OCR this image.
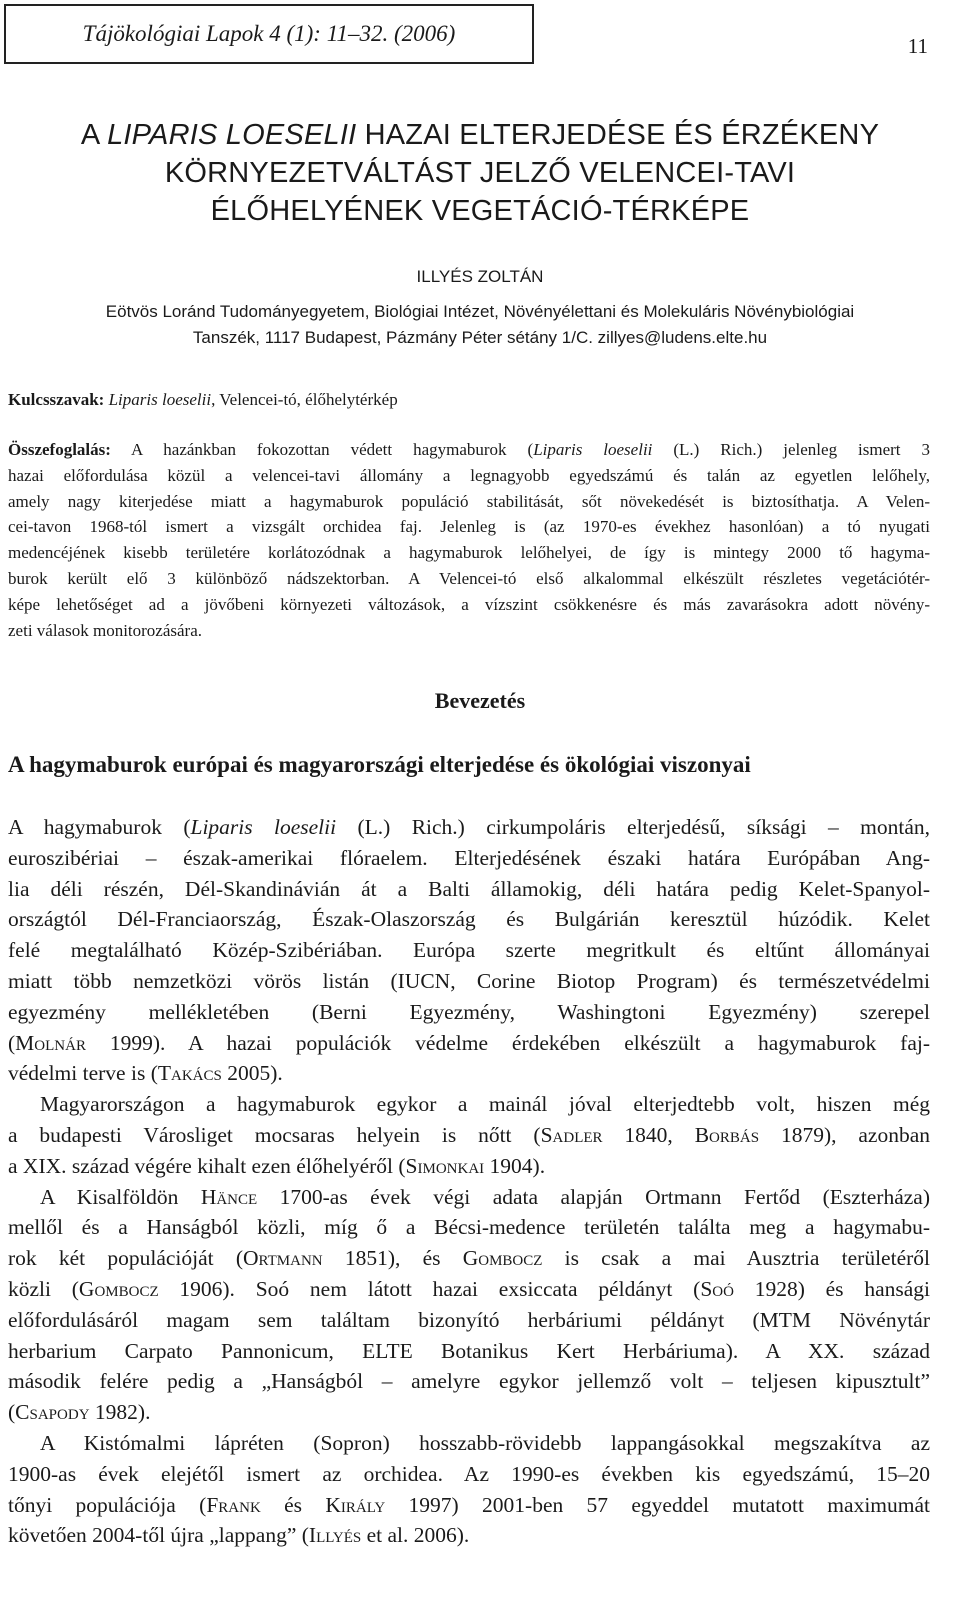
Tájökológiai Lapok 4 (1): 11–32. (2006)	11
A LIPARIS LOESELII HAZAI ELTERJEDÉSE ÉS ÉRZÉKENY
KÖRNYEZETVÁLTÁST JELZŐ VELENCEI-TAVI
ÉLŐHELYÉNEK VEGETÁCIÓ-TÉRKÉPE
ILLYÉS ZOLTÁN
Eötvös Loránd Tudományegyetem, Biológiai Intézet, Növényélettani és Molekuláris Növénybiológiai
Tanszék, 1117 Budapest, Pázmány Péter sétány 1/C. zillyes@ludens.elte.hu
Kulcsszavak: Liparis loeselii, Velencei-tó, élőhelytérkép
Összefoglalás: A hazánkban fokozottan védett hagymaburok (Liparis loeselii (L.) Rich.) jelenleg ismert 3
hazai előfordulása közül a velencei-tavi állomány a legnagyobb egyedszámú és talán az egyetlen lelőhely,
amely nagy kiterjedése miatt a hagymaburok populáció stabilitását, sőt növekedését is biztosíthatja. A Velen-
cei-tavon 1968-tól ismert a vizsgált orchidea faj. Jelenleg is (az 1970-es évekhez hasonlóan) a tó nyugati
medencéjének kisebb területére korlátozódnak a hagymaburok lelőhelyei, de így is mintegy 2000 tő hagyma-
burok került elő 3 különböző nádszektorban. A Velencei-tó első alkalommal elkészült részletes vegetációtér-
képe lehetőséget ad a jövőbeni környezeti változások, a vízszint csökkenésre és más zavarásokra adott növény-
zeti válasok monitorozására.
Bevezetés
A hagymaburok európai és magyarországi elterjedése és ökológiai viszonyai
A hagymaburok (Liparis loeselii (L.) Rich.) cirkumpoláris elterjedésű, síksági – montán,
euroszibériai – észak-amerikai flóraelem. Elterjedésének északi határa Európában Ang-
lia déli részén, Dél-Skandinávián át a Balti államokig, déli határa pedig Kelet-Spanyol-
országtól Dél-Franciaország, Észak-Olaszország és Bulgárián keresztül húzódik. Kelet
felé megtalálható Közép-Szibériában. Európa szerte megritkult és eltűnt állományai
miatt több nemzetközi vörös listán (IUCN, Corine Biotop Program) és természetvédelmi
egyezmény mellékletében (Berni Egyezmény, Washingtoni Egyezmény) szerepel
(Molnár 1999). A hazai populációk védelme érdekében elkészült a hagymaburok faj-
védelmi terve is (Takács 2005).
Magyarországon a hagymaburok egykor a mainál jóval elterjedtebb volt, hiszen még
a budapesti Városliget mocsaras helyein is nőtt (Sadler 1840, Borbás 1879), azonban
a XIX. század végére kihalt ezen élőhelyéről (Simonkai 1904).
A Kisalföldön Hänce 1700-as évek végi adata alapján Ortmann Fertőd (Eszterháza)
mellől és a Hanságból közli, míg ő a Bécsi-medence területén találta meg a hagymabu-
rok két populációját (Ortmann 1851), és Gombocz is csak a mai Ausztria területéről
közli (Gombocz 1906). Soó nem látott hazai exsiccata példányt (Soó 1928) és hansági
előfordulásáról magam sem találtam bizonyító herbáriumi példányt (MTM Növénytár
herbarium Carpato Pannonicum, ELTE Botanikus Kert Herbáriuma). A XX. század
második felére pedig a „Hanságból – amelyre egykor jellemző volt – teljesen kipusztult”
(Csapody 1982).
A Kistómalmi lápréten (Sopron) hosszabb-rövidebb lappangásokkal megszakítva az
1900-as évek elejétől ismert az orchidea. Az 1990-es években kis egyedszámú, 15–20
tőnyi populációja (Frank és Király 1997) 2001-ben 57 egyeddel mutatott maximumát
követően 2004-től újra „lappang” (Illyés et al. 2006).
